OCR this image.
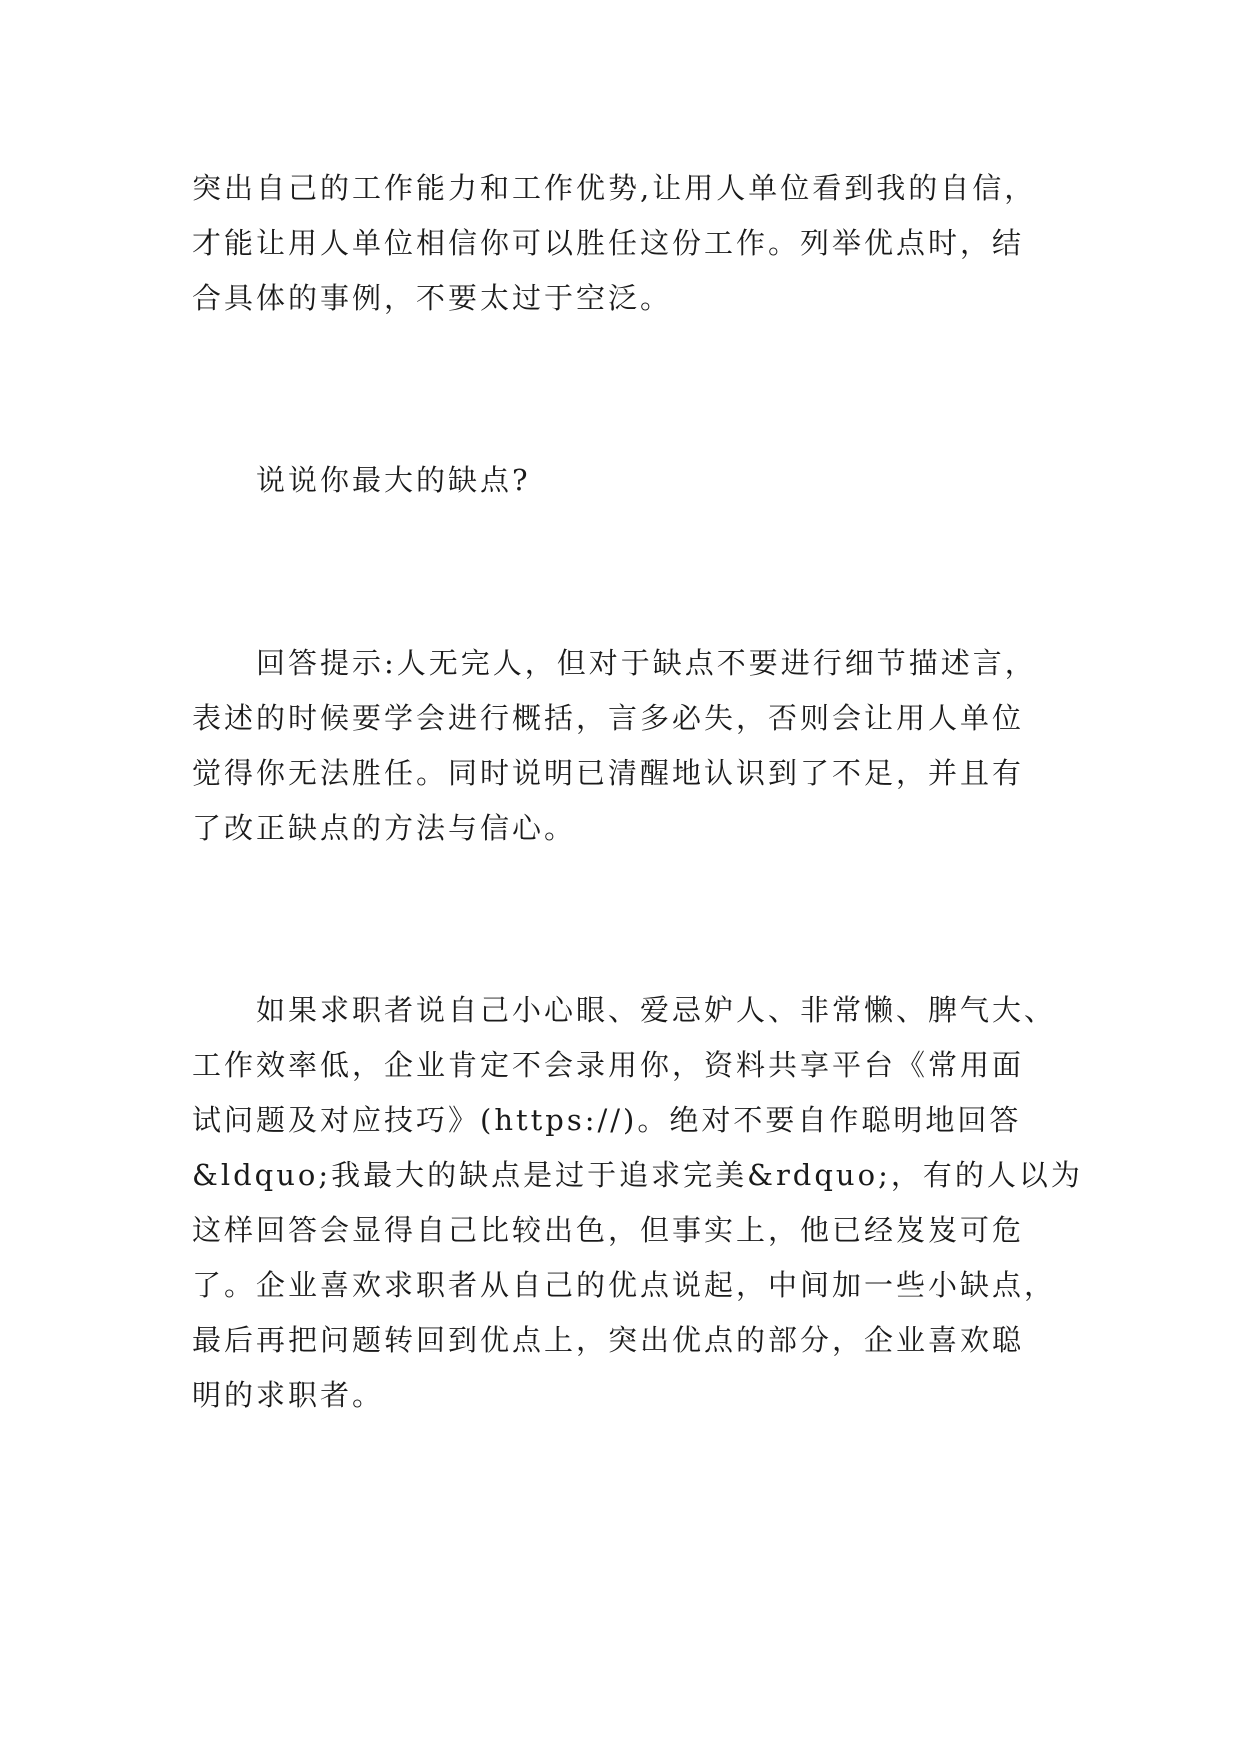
突出自己的工作能力和工作优势,让用人单位看到我的自信，
才能让用人单位相信你可以胜任这份工作。列举优点时，结
合具体的事例，不要太过于空泛。
说说你最大的缺点?
回答提示:人无完人，但对于缺点不要进行细节描述言，
表述的时候要学会进行概括，言多必失，否则会让用人单位
觉得你无法胜任。同时说明已清醒地认识到了不足，并且有
了改正缺点的方法与信心。
如果求职者说自己小心眼、爱忌妒人、非常懒、脾气大、
工作效率低，企业肯定不会录用你，资料共享平台《常用面
试问题及对应技巧》(https://)。绝对不要自作聪明地回答
&ldquo;我最大的缺点是过于追求完美&rdquo;，有的人以为
这样回答会显得自己比较出色，但事实上，他已经岌岌可危
了。企业喜欢求职者从自己的优点说起，中间加一些小缺点，
最后再把问题转回到优点上，突出优点的部分，企业喜欢聪
明的求职者。
